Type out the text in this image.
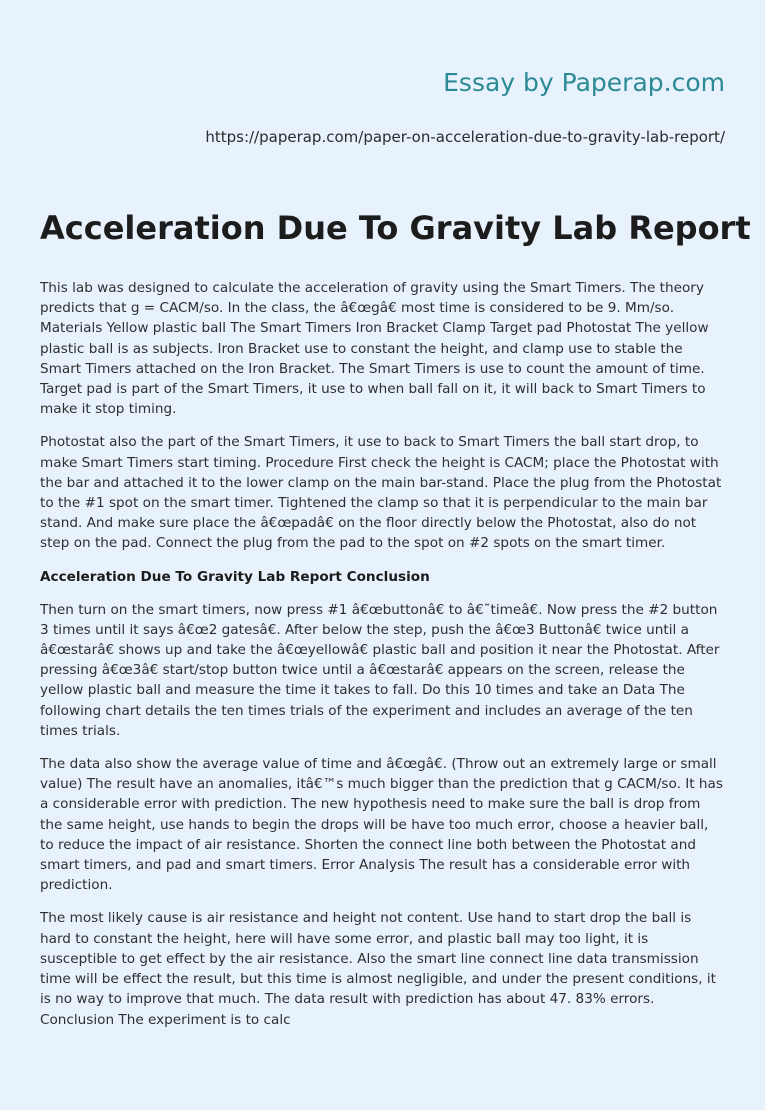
Essay by Paperap.com
https://paperap.com/paper-on-acceleration-due-to-gravity-lab-report/
Acceleration Due To Gravity Lab Report

This lab was designed to calculate the acceleration of gravity using the Smart Timers. The theory predicts that g = CACM/so. In the class, the â€œgâ€ most time is considered to be 9. Mm/so. Materials Yellow plastic ball The Smart Timers Iron Bracket Clamp Target pad Photostat The yellow plastic ball is as subjects. Iron Bracket use to constant the height, and clamp use to stable the Smart Timers attached on the Iron Bracket. The Smart Timers is use to count the amount of time. Target pad is part of the Smart Timers, it use to when ball fall on it, it will back to Smart Timers to make it stop timing.

Photostat also the part of the Smart Timers, it use to back to Smart Timers the ball start drop, to make Smart Timers start timing. Procedure First check the height is CACM; place the Photostat with the bar and attached it to the lower clamp on the main bar-stand. Place the plug from the Photostat to the #1 spot on the smart timer. Tightened the clamp so that it is perpendicular to the main bar stand. And make sure place the â€œpadâ€ on the floor directly below the Photostat, also do not step on the pad. Connect the plug from the pad to the spot on #2 spots on the smart timer.

Acceleration Due To Gravity Lab Report Conclusion

Then turn on the smart timers, now press #1 â€œbuttonâ€ to â€˜timeâ€. Now press the #2 button 3 times until it says â€œ2 gatesâ€. After below the step, push the â€œ3 Buttonâ€ twice until a â€œstarâ€ shows up and take the â€œyellowâ€ plastic ball and position it near the Photostat. After pressing â€œ3â€ start/stop button twice until a â€œstarâ€ appears on the screen, release the yellow plastic ball and measure the time it takes to fall. Do this 10 times and take an Data The following chart details the ten times trials of the experiment and includes an average of the ten times trials.

The data also show the average value of time and â€œgâ€. (Throw out an extremely large or small value) The result have an anomalies, itâ€™s much bigger than the prediction that g CACM/so. It has a considerable error with prediction. The new hypothesis need to make sure the ball is drop from the same height, use hands to begin the drops will be have too much error, choose a heavier ball, to reduce the impact of air resistance. Shorten the connect line both between the Photostat and smart timers, and pad and smart timers. Error Analysis The result has a considerable error with prediction.

The most likely cause is air resistance and height not content. Use hand to start drop the ball is hard to constant the height, here will have some error, and plastic ball may too light, it is susceptible to get effect by the air resistance. Also the smart line connect line data transmission time will be effect the result, but this time is almost negligible, and under the present conditions, it is no way to improve that much. The data result with prediction has about 47. 83% errors. Conclusion The experiment is to calc
